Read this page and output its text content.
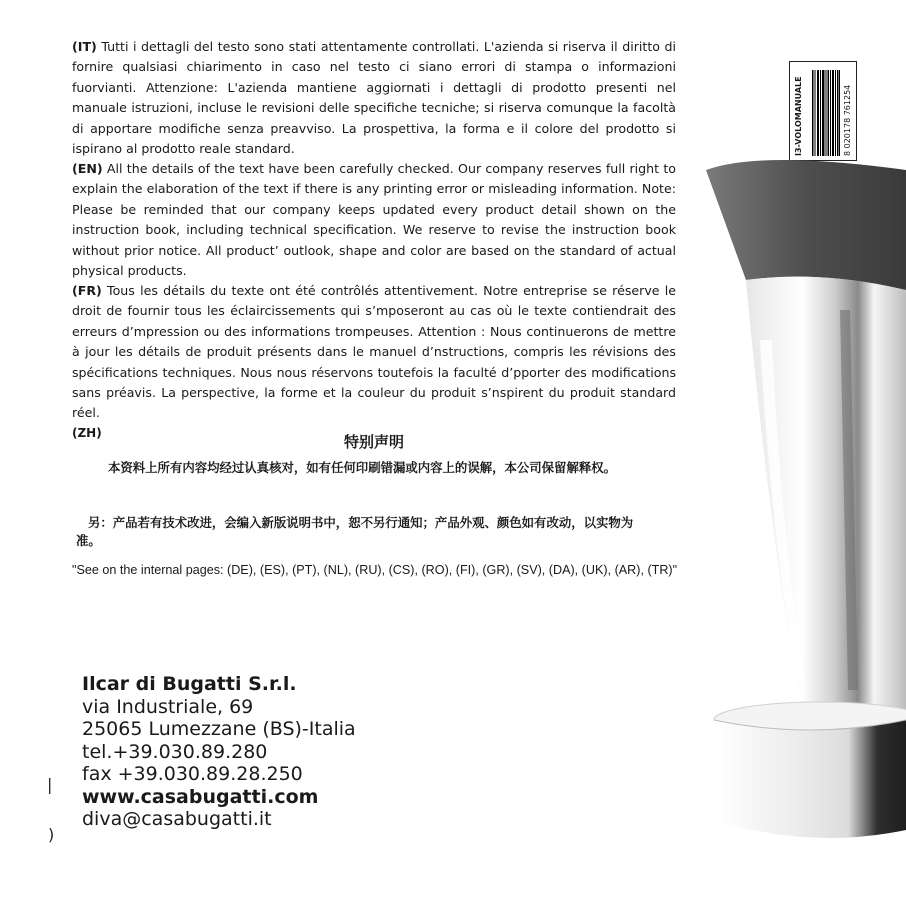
(IT) Tutti i dettagli del testo sono stati attentamente controllati. L'azienda si riserva il diritto di fornire qualsiasi chiarimento in caso nel testo ci siano errori di stampa o informazioni fuorvianti. Attenzione: L'azienda mantiene aggiornati i dettagli di prodotto presenti nel manuale istruzioni, incluse le revisioni delle specifiche tecniche; si riserva comunque la facoltà di apportare modifiche senza preavviso. La prospettiva, la forma e il colore del prodotto si ispirano al prodotto reale standard.

(EN) All the details of the text have been carefully checked. Our company reserves full right to explain the elaboration of the text if there is any printing error or misleading information. Note: Please be reminded that our company keeps updated every product detail shown on the instruction book, including technical specification. We reserve to revise the instruction book without prior notice. All product’ outlook, shape and color are based on the standard of actual physical products.

(FR) Tous les détails du texte ont été contrôlés attentivement. Notre entreprise se réserve le droit de fournir tous les éclaircissements qui s’mposeront au cas où le texte contiendrait des erreurs d’mpression ou des informations trompeuses. Attention : Nous continuerons de mettre à jour les détails de produit présents dans le manuel d’nstructions, compris les révisions des spécifications techniques. Nous nous réservons toutefois la faculté d’pporter des modifications sans préavis. La perspective, la forme et la couleur du produit s’nspirent du produit standard réel.

(ZH)	特别声明

本资料上所有内容均经过认真核对，如有任何印刷错漏或内容上的误解，本公司保留解释权。

另：产品若有技术改进，会编入新版说明书中，恕不另行通知；产品外观、颜色如有改动，以实物为准。

"See on the internal pages: (DE), (ES), (PT), (NL), (RU), (CS), (RO), (FI), (GR), (SV), (DA), (UK), (AR), (TR)"
Ilcar di Bugatti S.r.l.
via Industriale, 69
25065 Lumezzane (BS)-Italia
tel.+39.030.89.280
fax +39.030.89.28.250
www.casabugatti.com
diva@casabugatti.it
I3-VOLOMANUALE	8 020178 761254
|
)
